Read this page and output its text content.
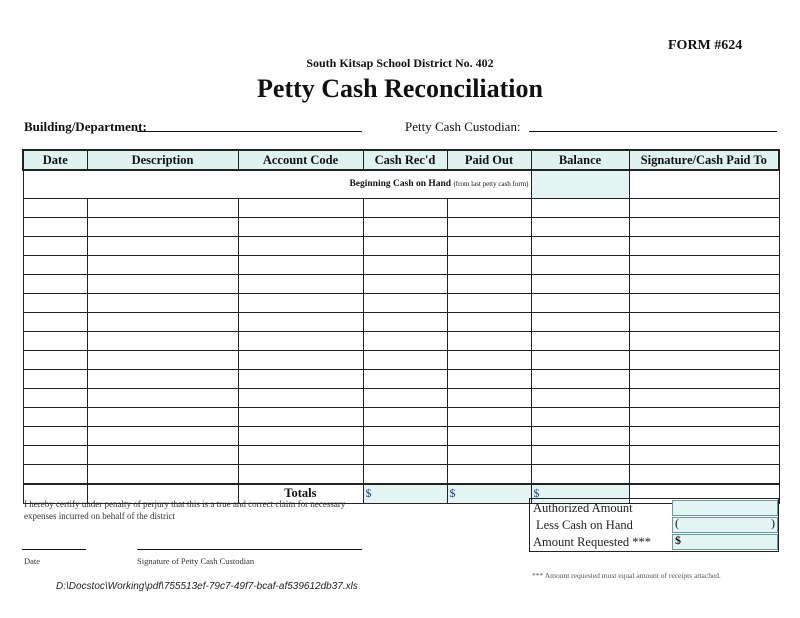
FORM #624
South Kitsap School District No. 402
Petty Cash Reconciliation
Building/Department:	Petty Cash Custodian:
Date	Description	Account Code	Cash Rec'd	Paid Out	Balance	Signature/Cash Paid To
Beginning Cash on Hand (from last petty cash form)						

		Totals	$	$	$	
I hereby certify under penalty of perjury that this is a true and correct claim for necessary expenses incurred on behalf of the district
Date	Signature of Petty Cash Custodian
Authorized Amount
Less Cash on Hand	(	)
Amount Requested *** $
*** Amount requested must equal amount of receipts attached.
D:\Docstoc\Working\pdf\755513ef-79c7-49f7-bcaf-af539612db37.xls
